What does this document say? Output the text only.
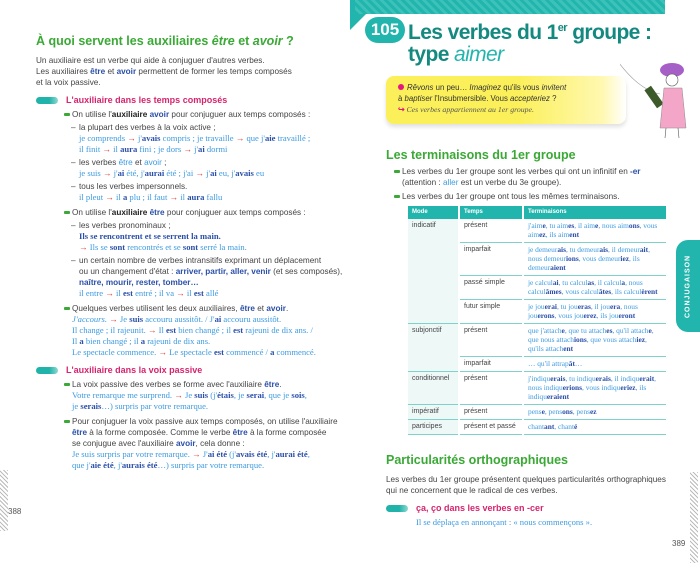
À quoi servent les auxiliaires être et avoir ?
Un auxiliaire est un verbe qui aide à conjuguer d'autres verbes.
Les auxiliaires être et avoir permettent de former les temps composés
et la voix passive.
L'auxiliaire dans les temps composés
On utilise l'auxiliaire avoir pour conjuguer aux temps composés :
– la plupart des verbes à la voix active ;
je comprends → j'avais compris ; je travaille → que j'aie travaillé ;
il finit → il aura fini ; je dors → j'ai dormi
– les verbes être et avoir ;
je suis → j'ai été, j'aurai été ; j'ai → j'ai eu, j'avais eu
– tous les verbes impersonnels.
il pleut → il a plu ; il faut → il aura fallu
On utilise l'auxiliaire être pour conjuguer aux temps composés :
– les verbes pronominaux ;
Ils se rencontrent et se serrent la main.
→ Ils se sont rencontrés et se sont serré la main.
– un certain nombre de verbes intransitifs exprimant un déplacement
ou un changement d'état : arriver, partir, aller, venir (et ses composés),
naître, mourir, rester, tomber…
il entre → il est entré ; il va → il est allé
Quelques verbes utilisent les deux auxiliaires, être et avoir.
J'accours. → Je suis accouru aussitôt. / J'ai accouru aussitôt.
Il change ; il rajeunit. → Il est bien changé ; il est rajeuni de dix ans. /
Il a bien changé ; il a rajeuni de dix ans.
Le spectacle commence. → Le spectacle est commencé / a commencé.
L'auxiliaire dans la voix passive
La voix passive des verbes se forme avec l'auxiliaire être.
Votre remarque me surprend. → Je suis (j'étais, je serai, que je sois,
je serais…) surpris par votre remarque.
Pour conjuguer la voix passive aux temps composés, on utilise l'auxiliaire
être à la forme composée. Comme le verbe être à la forme composée
se conjugue avec l'auxiliaire avoir, cela donne :
Je suis surpris par votre remarque. → J'ai été (j'avais été, j'aurai été,
que j'aie été, j'aurais été…) surpris par votre remarque.
388
105 Les verbes du 1er groupe :
type aimer
Rêvons un peu… Imaginez qu'ils vous invitent
à baptiser l'Insubmersible. Vous accepteriez ?
↪ Ces verbes appartiennent au 1er groupe.
CONJUGAISON
Les terminaisons du 1er groupe
Les verbes du 1er groupe sont les verbes qui ont un infinitif en -er
(attention : aller est un verbe du 3e groupe).
Les verbes du 1er groupe ont tous les mêmes terminaisons.
Mode	Temps	Terminaisons
indicatif	présent	j'aime, tu aimes, il aime, nous aimons, vous aimez, ils aiment
	imparfait	je demeurais, tu demeurais, il demeurait, nous demeurions, vous demeuriez, ils demeuraient
	passé simple	je calculai, tu calculas, il calcula, nous calculâmes, vous calculâtes, ils calculèrent
	futur simple	je jouerai, tu joueras, il jouera, nous jouerons, vous jouerez, ils joueront
subjonctif	présent	que j'attache, que tu attaches, qu'il attache, que nous attachions, que vous attachiez, qu'ils attachent
	imparfait	… qu'il attrapât…
conditionnel	présent	j'indiquerais, tu indiquerais, il indiquerait, nous indiquerions, vous indiqueriez, ils indiqueraient
impératif	présent	pense, pensons, pensez
participes	présent et passé	chantant, chanté
Particularités orthographiques
Les verbes du 1er groupe présentent quelques particularités orthographiques
qui ne concernent que le radical de ces verbes.
ça, ço dans les verbes en -cer
Il se déplaça en annonçant : « nous commençons ».
389
